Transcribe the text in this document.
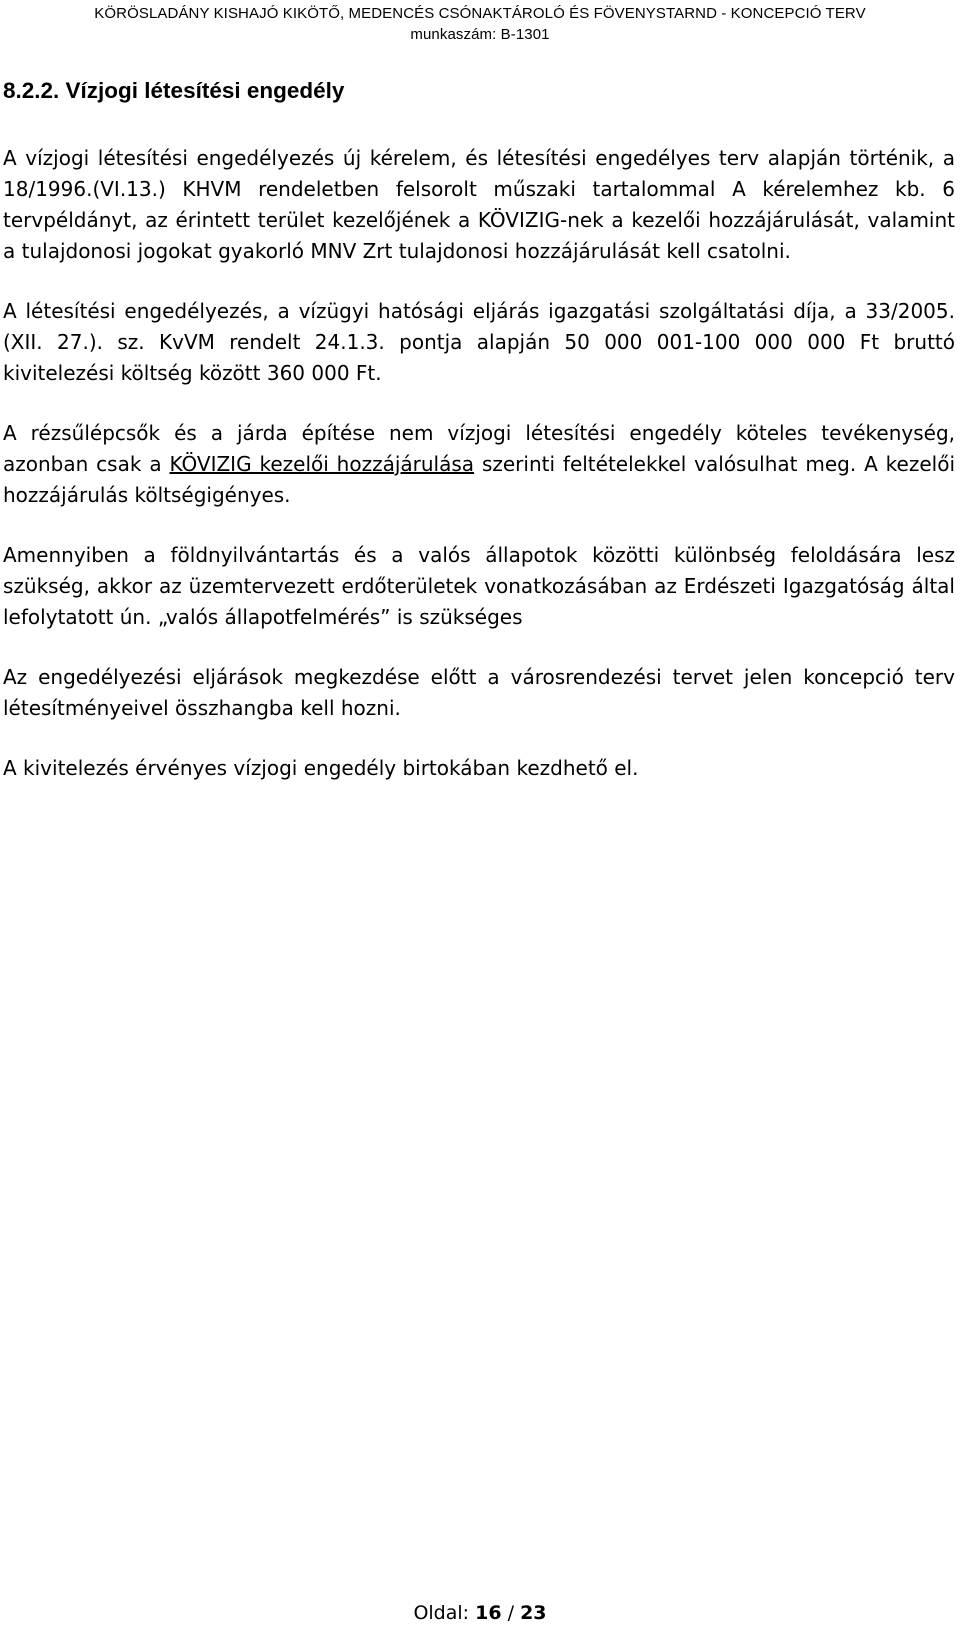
KÖRÖSLADÁNY KISHAJÓ KIKÖTŐ, MEDENCÉS CSÓNAKTÁROLÓ ÉS FÖVENYSTARND - KONCEPCIÓ TERV
munkaszám: B-1301
8.2.2. Vízjogi létesítési engedély

A vízjogi létesítési engedélyezés új kérelem, és létesítési engedélyes terv alapján történik, a 18/1996.(VI.13.) KHVM rendeletben felsorolt műszaki tartalommal A kérelemhez kb. 6 tervpéldányt, az érintett terület kezelőjének a KÖVIZIG-nek a kezelői hozzájárulását, valamint a tulajdonosi jogokat gyakorló MNV Zrt tulajdonosi hozzájárulását kell csatolni.

A létesítési engedélyezés, a vízügyi hatósági eljárás igazgatási szolgáltatási díja, a 33/2005. (XII. 27.). sz. KvVM rendelt 24.1.3. pontja alapján 50 000 001-100 000 000 Ft bruttó kivitelezési költség között 360 000 Ft.

A rézsűlépcsők és a járda építése nem vízjogi létesítési engedély köteles tevékenység, azonban csak a KÖVIZIG kezelői hozzájárulása szerinti feltételekkel valósulhat meg. A kezelői hozzájárulás költségigényes.

Amennyiben a földnyilvántartás és a valós állapotok közötti különbség feloldására lesz szükség, akkor az üzemtervezett erdőterületek vonatkozásában az Erdészeti Igazgatóság által lefolytatott ún. „valós állapotfelmérés” is szükséges

Az engedélyezési eljárások megkezdése előtt a városrendezési tervet jelen koncepció terv létesítményeivel összhangba kell hozni.

A kivitelezés érvényes vízjogi engedély birtokában kezdhető el.

Oldal: 16 / 23
